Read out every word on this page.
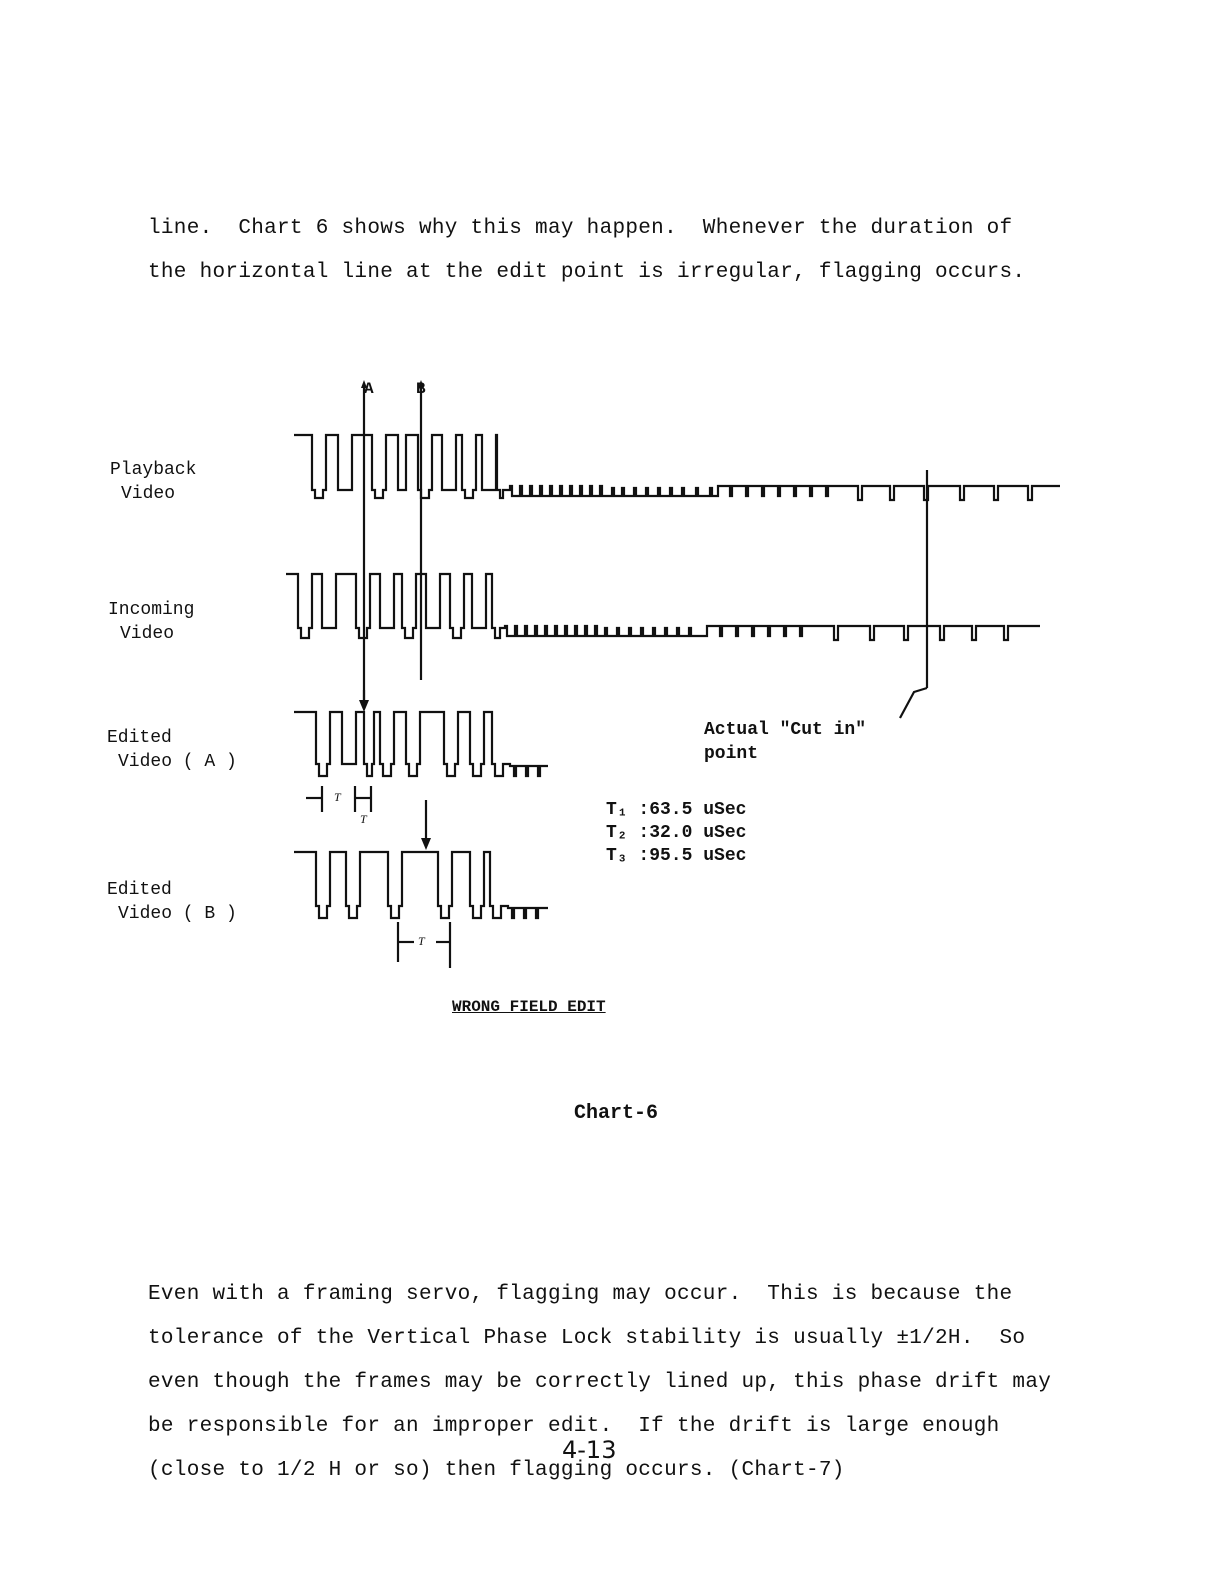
line.  Chart 6 shows why this may happen.  Whenever the duration of

the horizontal line at the edit point is irregular, flagging occurs.

A	B
Playback
Video
Incoming
Video
Edited
Video ( A )
Edited
Video ( B )
Actual "Cut in"
point
T
T
T
T₁ :63.5 uSec
T₂ :32.0 uSec
T₃ :95.5 uSec
WRONG FIELD EDIT
Chart-6

Even with a framing servo, flagging may occur.  This is because the

tolerance of the Vertical Phase Lock stability is usually ±1/2H.  So

even though the frames may be correctly lined up, this phase drift may

be responsible for an improper edit.  If the drift is large enough

(close to 1/2 H or so) then flagging occurs. (Chart-7)

4-13
